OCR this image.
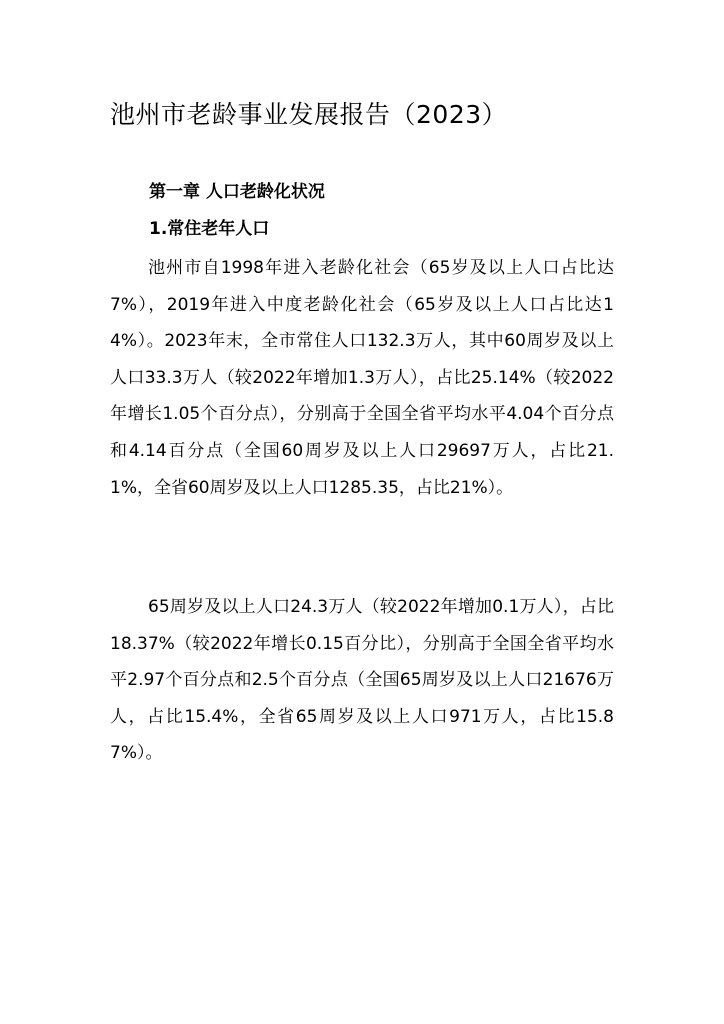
池州市老龄事业发展报告（2023）
第一章 人口老龄化状况
1.常住老年人口

池州市自1998年进入老龄化社会（65岁及以上人口占比达7%），2019年进入中度老龄化社会（65岁及以上人口占比达14%）。2023年末，全市常住人口132.3万人，其中60周岁及以上人口33.3万人（较2022年增加1.3万人），占比25.14%（较2022年增长1.05个百分点），分别高于全国全省平均水平4.04个百分点和4.14百分点（全国60周岁及以上人口29697万人，占比21.1%，全省60周岁及以上人口1285.35，占比21%）。

65周岁及以上人口24.3万人（较2022年增加0.1万人），占比18.37%（较2022年增长0.15百分比），分别高于全国全省平均水平2.97个百分点和2.5个百分点（全国65周岁及以上人口21676万人，占比15.4%，全省65周岁及以上人口971万人，占比15.87%）。
